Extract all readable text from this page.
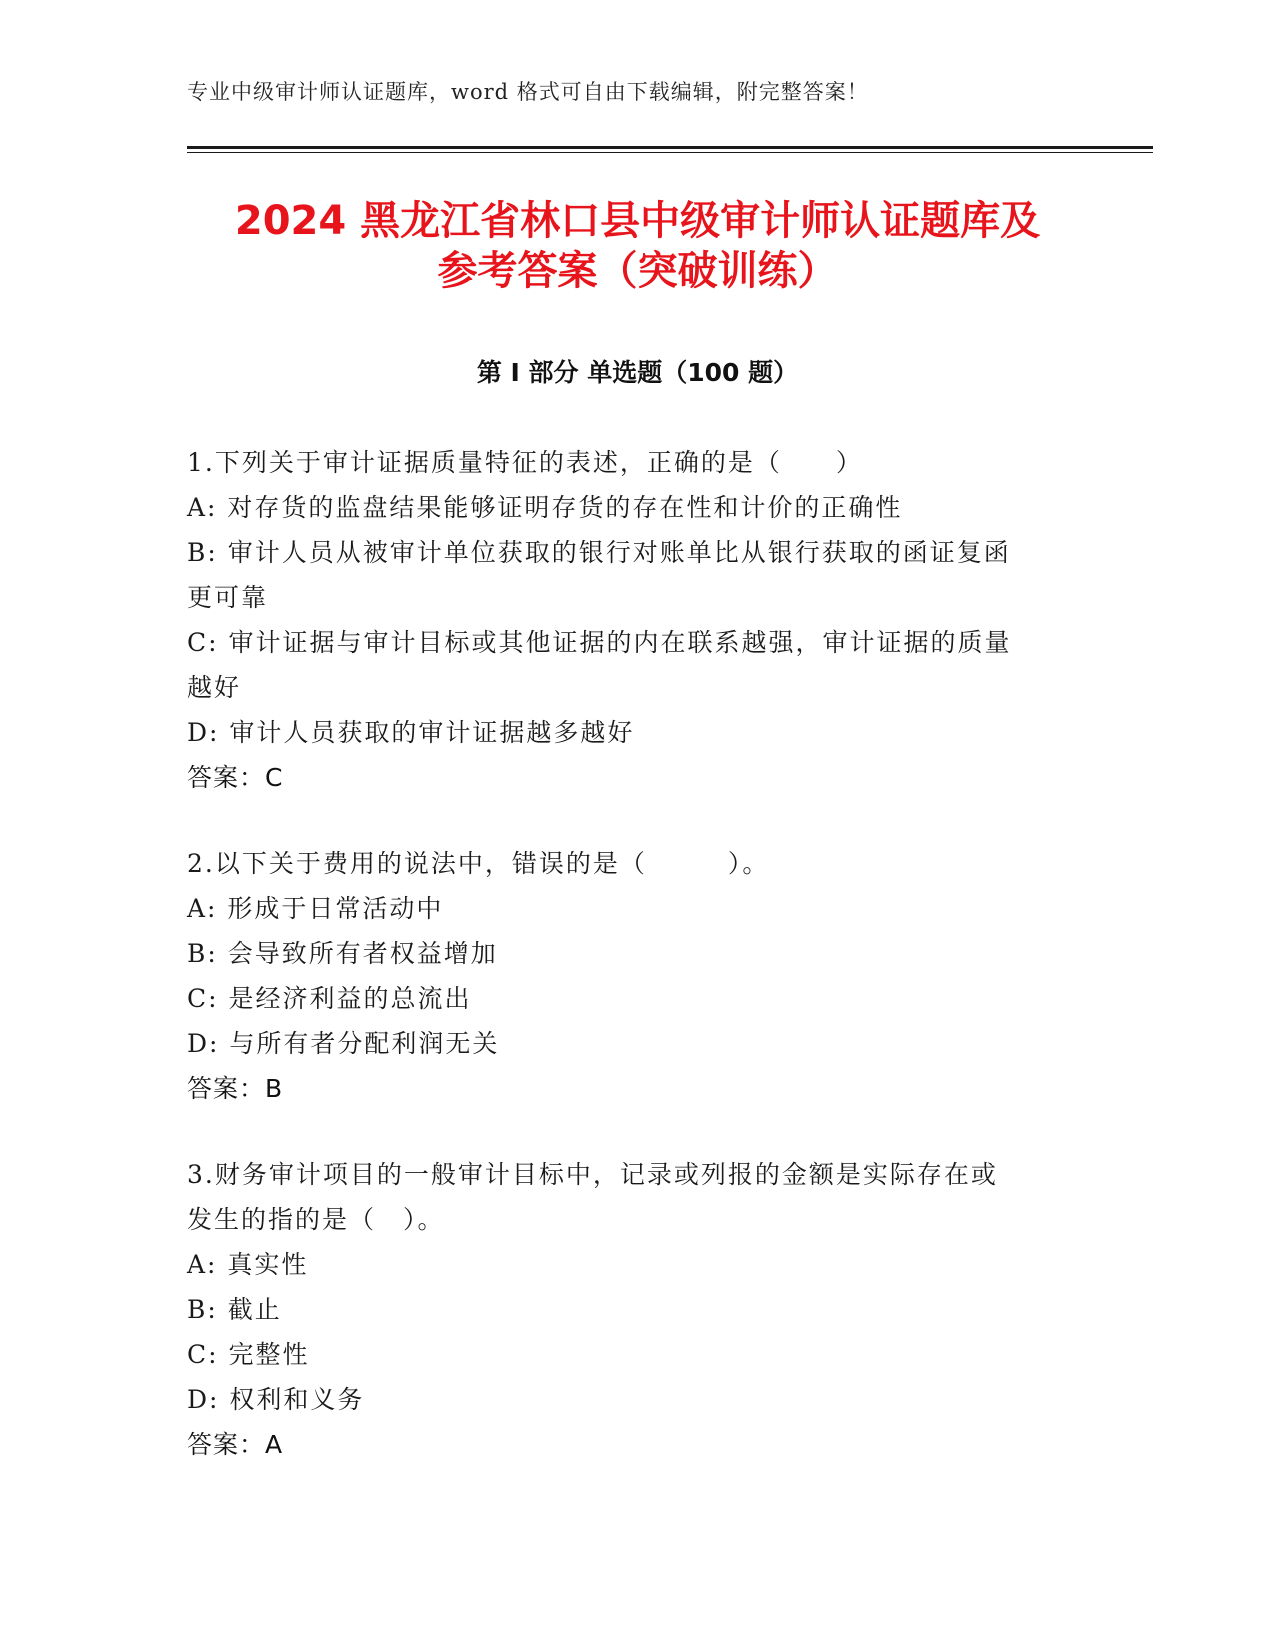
专业中级审计师认证题库，word 格式可自由下载编辑，附完整答案！
2024 黑龙江省林口县中级审计师认证题库及
参考答案（突破训练）
第 I 部分 单选题（100 题）
1.下列关于审计证据质量特征的表述，正确的是（　　）
A: 对存货的监盘结果能够证明存货的存在性和计价的正确性
B: 审计人员从被审计单位获取的银行对账单比从银行获取的函证复函
更可靠
C: 审计证据与审计目标或其他证据的内在联系越强，审计证据的质量
越好
D: 审计人员获取的审计证据越多越好
答案：C
2.以下关于费用的说法中，错误的是（　　　）。
A: 形成于日常活动中
B: 会导致所有者权益增加
C: 是经济利益的总流出
D: 与所有者分配利润无关
答案：B
3.财务审计项目的一般审计目标中，记录或列报的金额是实际存在或
发生的指的是（　）。
A: 真实性
B: 截止
C: 完整性
D: 权利和义务
答案：A
